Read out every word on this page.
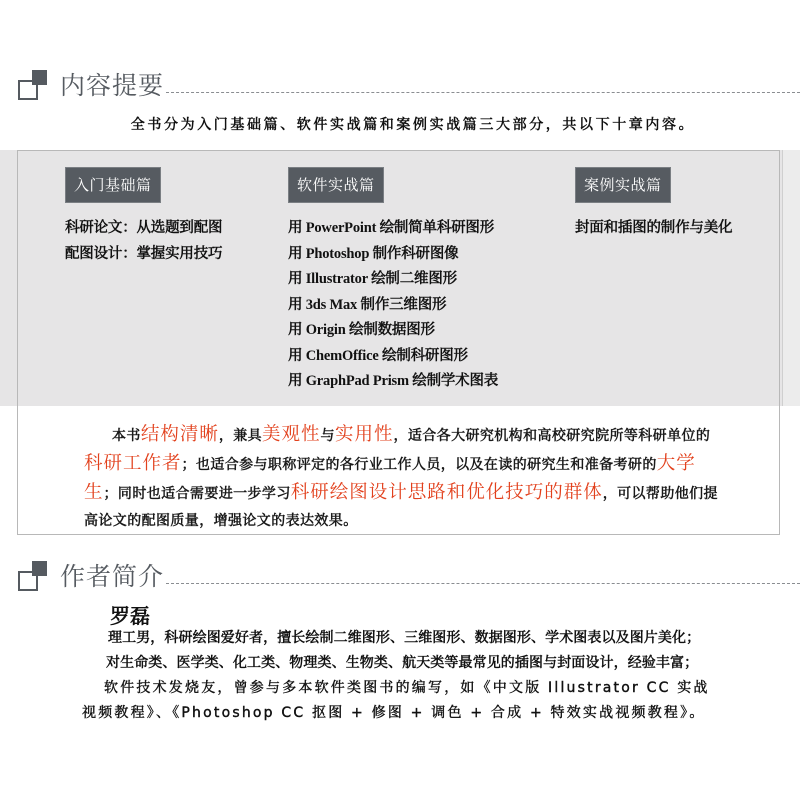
内容提要
全书分为入门基础篇、软件实战篇和案例实战篇三大部分，共以下十章内容。
入门基础篇
科研论文：从选题到配图
配图设计：掌握实用技巧
软件实战篇
用 PowerPoint 绘制简单科研图形
用 Photoshop 制作科研图像
用 Illustrator 绘制二维图形
用 3ds Max 制作三维图形
用 Origin 绘制数据图形
用 ChemOffice 绘制科研图形
用 GraphPad Prism 绘制学术图表
案例实战篇
封面和插图的制作与美化
本书结构清晰，兼具美观性与实用性，适合各大研究机构和高校研究院所等科研单位的科研工作者；也适合参与职称评定的各行业工作人员，以及在读的研究生和准备考研的大学生；同时也适合需要进一步学习科研绘图设计思路和优化技巧的群体，可以帮助他们提高论文的配图质量，增强论文的表达效果。
作者简介
罗磊
理工男，科研绘图爱好者，擅长绘制二维图形、三维图形、数据图形、学术图表以及图片美化；
对生命类、医学类、化工类、物理类、生物类、航天类等最常见的插图与封面设计，经验丰富；
软件技术发烧友，曾参与多本软件类图书的编写，如《中文版 Illustrator CC 实战
视频教程》、《Photoshop CC 抠图 + 修图 + 调色 + 合成 + 特效实战视频教程》。
